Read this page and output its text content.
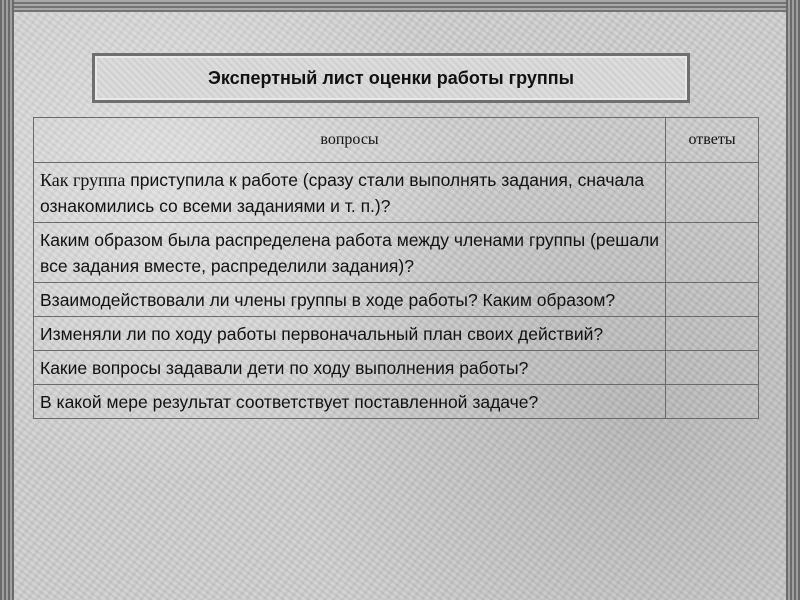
Экспертный лист оценки работы группы
вопросы	ответы
Как группа приступила к работе (сразу стали выполнять задания, сначала ознакомились со всеми заданиями и т. п.)?	
Каким образом была распределена работа между членами группы (решали все задания вместе, распределили задания)?	
Взаимодействовали ли члены группы в ходе работы? Каким образом?	
Изменяли ли по ходу работы первоначальный план своих действий?	
Какие вопросы задавали дети по ходу выполнения работы?	
В какой мере результат соответствует поставленной задаче?	
